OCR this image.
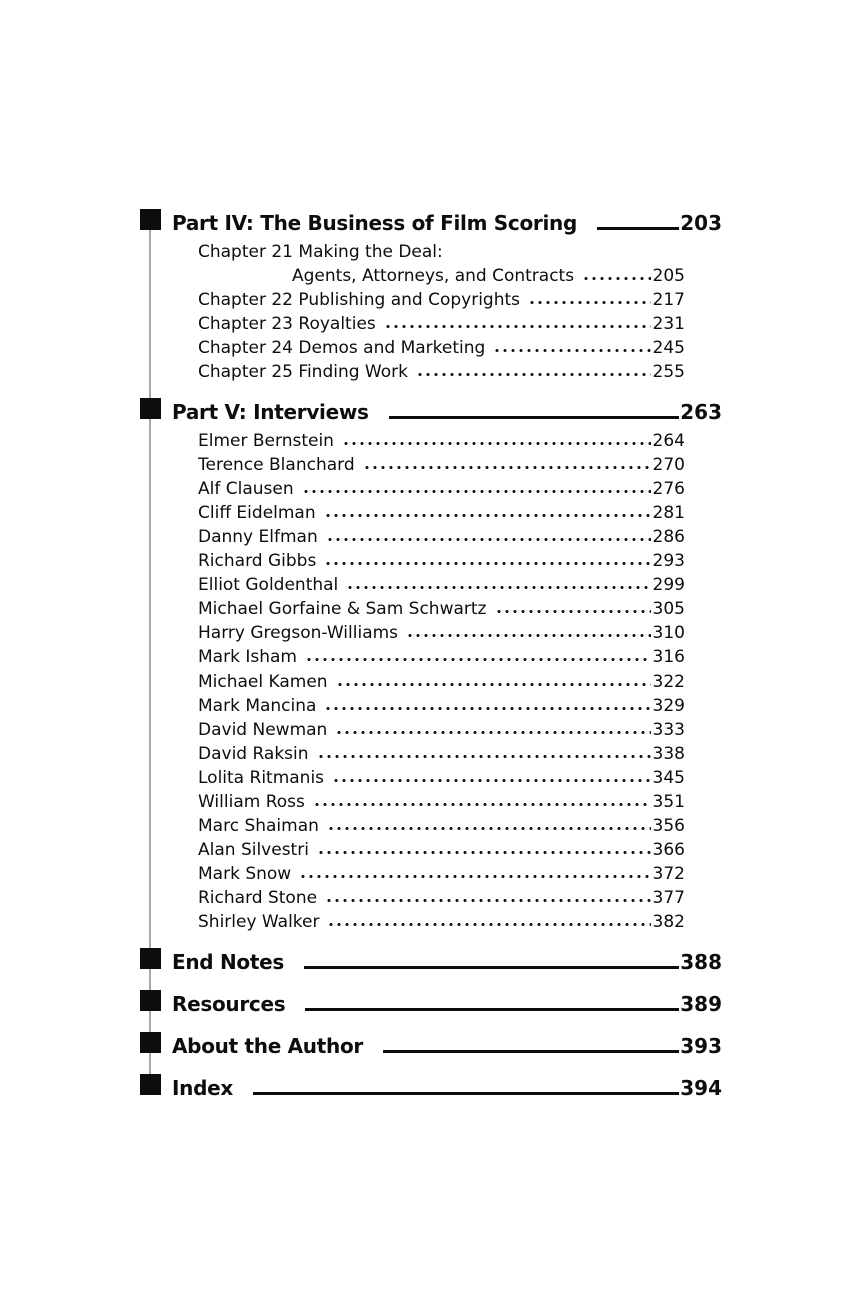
Part IV: The Business of Film Scoring	203
Chapter 21 Making the Deal:
Agents, Attorneys, and Contracts	205
Chapter 22 Publishing and Copyrights	217
Chapter 23 Royalties	231
Chapter 24 Demos and Marketing	245
Chapter 25 Finding Work	255
Part V: Interviews	263
Elmer Bernstein	264
Terence Blanchard	270
Alf Clausen	276
Cliff Eidelman	281
Danny Elfman	286
Richard Gibbs	293
Elliot Goldenthal	299
Michael Gorfaine & Sam Schwartz	305
Harry Gregson-Williams	310
Mark Isham	316
Michael Kamen	322
Mark Mancina	329
David Newman	333
David Raksin	338
Lolita Ritmanis	345
William Ross	351
Marc Shaiman	356
Alan Silvestri	366
Mark Snow	372
Richard Stone	377
Shirley Walker	382
End Notes	388
Resources	389
About the Author	393
Index	394
